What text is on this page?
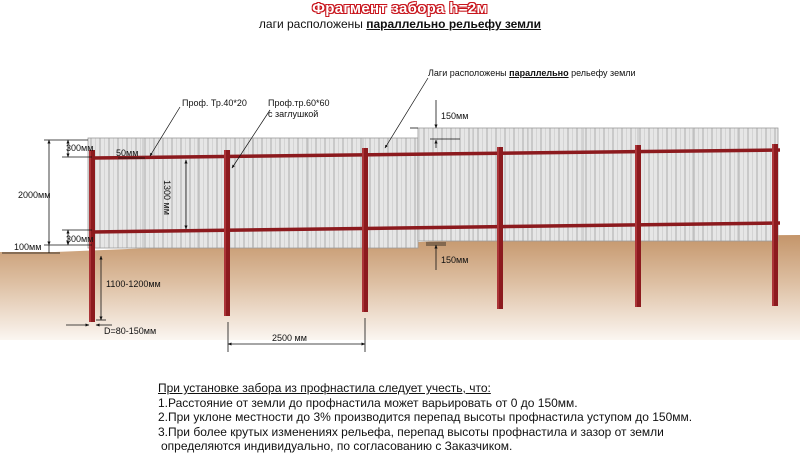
Фрагмент забора h=2м
лаги расположены параллельно рельефу земли
Лаги расположены параллельно рельефу земли
Проф. Тр.40*20 Проф.тр.60*60
с заглушкой
300мм	50мм
1300 мм
150мм
2000мм
300мм
100мм
150мм
1100-1200мм
D=80-150мм
2500 мм
При установке забора из профнастила следует учесть, что:
1.Расстояние от земли до профнастила может варьировать от 0 до 150мм.
2.При уклоне местности до 3% производится перепад высоты профнастила уступом до 150мм.
3.При более крутых изменениях рельефа, перепад высоты профнастила и зазор от земли
определяются индивидуально, по согласованию с Заказчиком.
